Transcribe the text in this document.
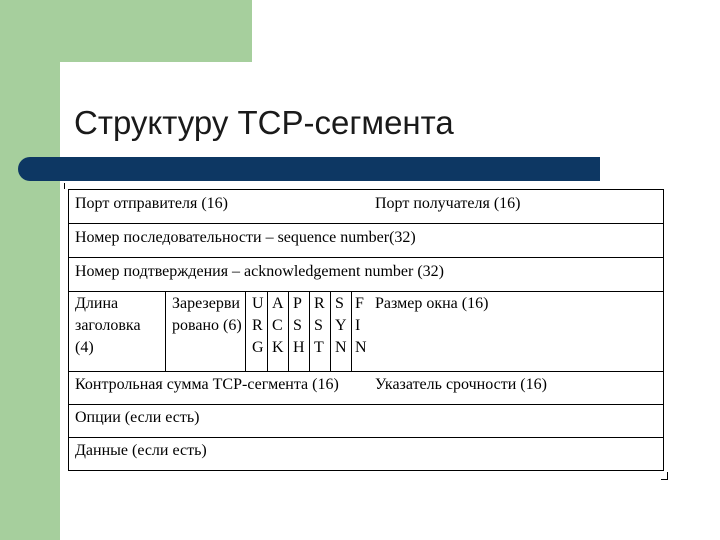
Структуру TCP-сегмента
Порт отправителя (16)	Порт получателя (16)
Номер последовательности – sequence number(32)
Номер подтверждения – acknowledgement number (32)
Длина
заголовка
(4)
Зарезерви
ровано (6)
U
R
G
A
C
K
P
S
H
R
S
T
S
Y
N
F
I
N
Размер окна (16)
Контрольная сумма TCP-сегмента (16) Указатель срочности (16)
Опции (если есть)
Данные (если есть)
